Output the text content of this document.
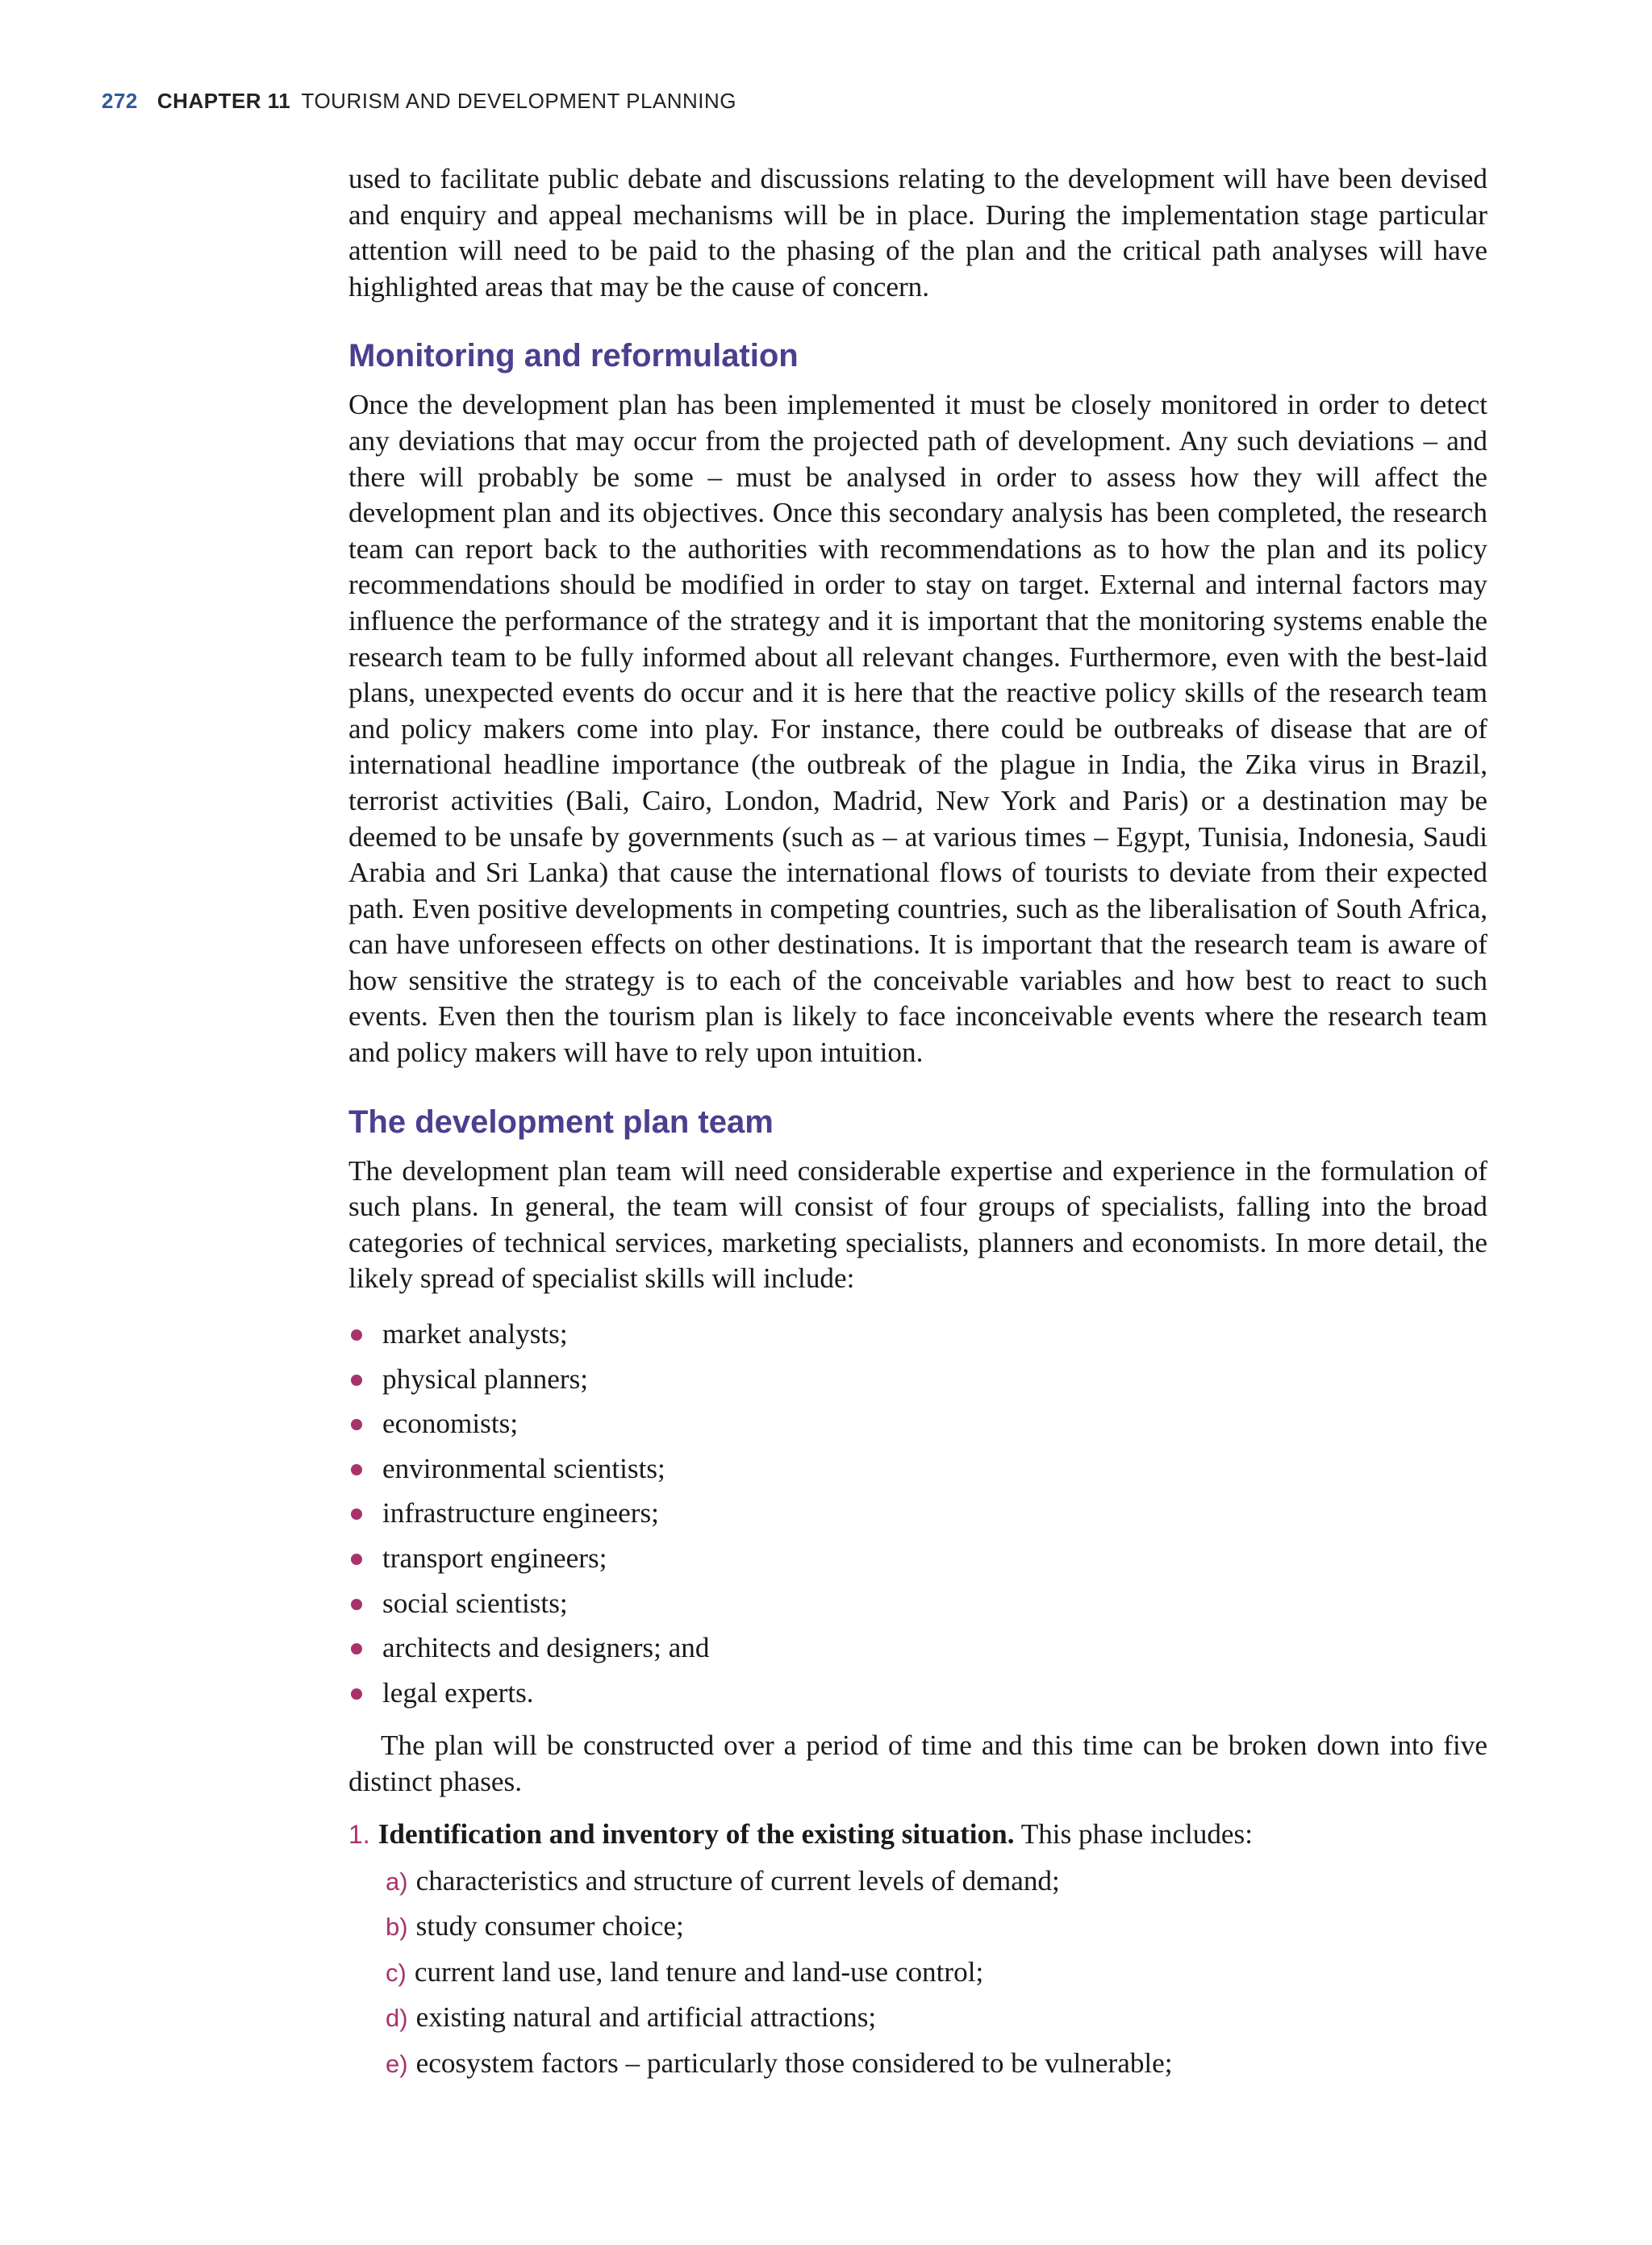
272 CHAPTER 11 TOURISM AND DEVELOPMENT PLANNING

used to facilitate public debate and discussions relating to the development will have been devised and enquiry and appeal mechanisms will be in place. During the implementation stage particular attention will need to be paid to the phasing of the plan and the critical path analyses will have highlighted areas that may be the cause of concern.

Monitoring and reformulation

Once the development plan has been implemented it must be closely monitored in order to detect any deviations that may occur from the projected path of development. Any such deviations – and there will probably be some – must be analysed in order to assess how they will affect the development plan and its objectives. Once this secondary analysis has been completed, the research team can report back to the authorities with recommendations as to how the plan and its policy recommendations should be modified in order to stay on target. External and internal factors may influence the performance of the strategy and it is important that the monitoring systems enable the research team to be fully informed about all relevant changes. Furthermore, even with the best-laid plans, unexpected events do occur and it is here that the reactive policy skills of the research team and policy makers come into play. For instance, there could be outbreaks of disease that are of international headline importance (the outbreak of the plague in India, the Zika virus in Brazil, terrorist activities (Bali, Cairo, London, Madrid, New York and Paris) or a destination may be deemed to be unsafe by governments (such as – at various times – Egypt, Tunisia, Indonesia, Saudi Arabia and Sri Lanka) that cause the international flows of tourists to deviate from their expected path. Even positive developments in competing countries, such as the liberalisation of South Africa, can have unforeseen effects on other destinations. It is important that the research team is aware of how sensitive the strategy is to each of the conceivable variables and how best to react to such events. Even then the tourism plan is likely to face inconceivable events where the research team and policy makers will have to rely upon intuition.

The development plan team

The development plan team will need considerable expertise and experience in the formulation of such plans. In general, the team will consist of four groups of specialists, falling into the broad categories of technical services, marketing specialists, planners and economists. In more detail, the likely spread of specialist skills will include:

market analysts;
physical planners;
economists;
environmental scientists;
infrastructure engineers;
transport engineers;
social scientists;
architects and designers; and
legal experts.

The plan will be constructed over a period of time and this time can be broken down into five distinct phases.

1. Identification and inventory of the existing situation. This phase includes:
a) characteristics and structure of current levels of demand;
b) study consumer choice;
c) current land use, land tenure and land-use control;
d) existing natural and artificial attractions;
e) ecosystem factors – particularly those considered to be vulnerable;
